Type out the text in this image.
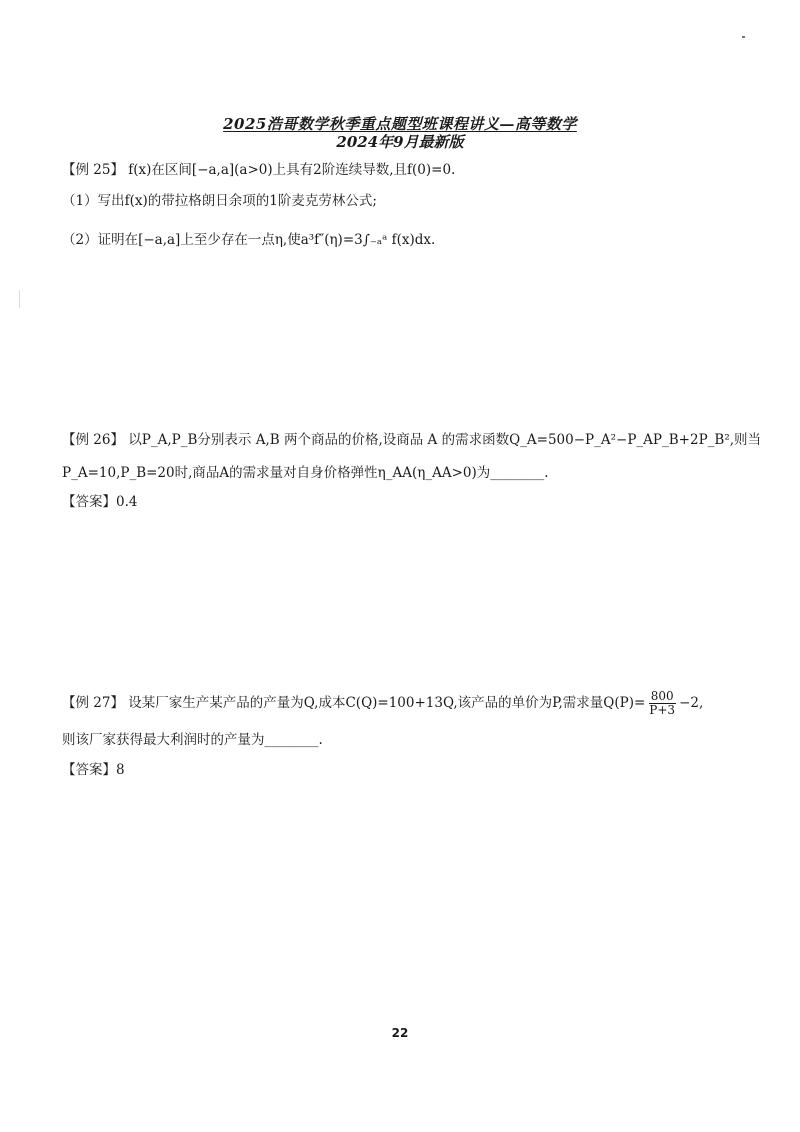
2025浩哥数学秋季重点题型班课程讲义—高等数学
2024年9月最新版
【例 25】 f(x)在区间[−a,a](a>0)上具有2阶连续导数,且f(0)=0.
（1）写出f(x)的带拉格朗日余项的1阶麦克劳林公式;
（2）证明在[−a,a]上至少存在一点η,使a³f″(η)=3∫₋ₐᵃ f(x)dx.
【例 26】 以P_A,P_B分别表示 A,B 两个商品的价格,设商品 A 的需求函数Q_A=500−P_A²−P_AP_B+2P_B²,则当
P_A=10,P_B=20时,商品A的需求量对自身价格弹性η_AA(η_AA>0)为________.
【答案】0.4
【例 27】 设某厂家生产某产品的产量为Q,成本C(Q)=100+13Q,该产品的单价为P,需求量$Q(P)= \frac{800}{P+3} -2$,
则该厂家获得最大利润时的产量为________.
【答案】8
22
